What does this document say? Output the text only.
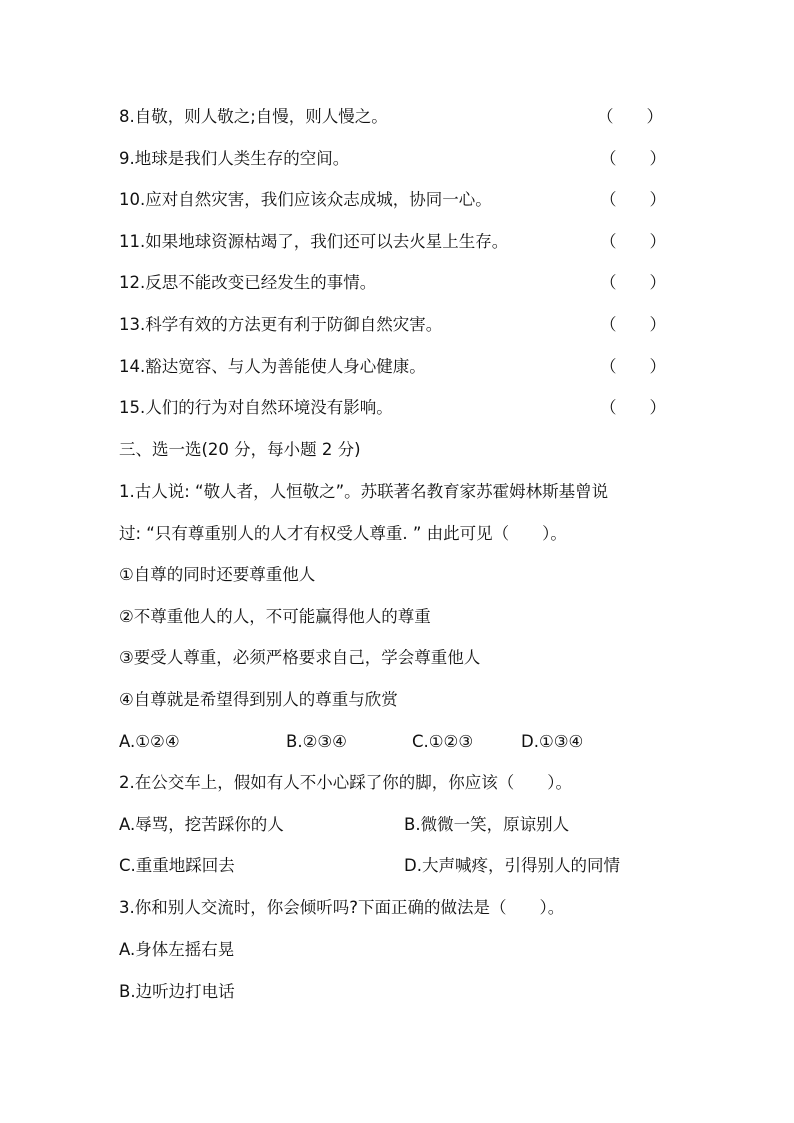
8.自敬，则人敬之;自慢，则人慢之。	（　　）
9.地球是我们人类生存的空间。	（　　）
10.应对自然灾害，我们应该众志成城，协同一心。	（　　）
11.如果地球资源枯竭了，我们还可以去火星上生存。	（　　）
12.反思不能改变已经发生的事情。	（　　）
13.科学有效的方法更有利于防御自然灾害。	（　　）
14.豁达宽容、与人为善能使人身心健康。	（　　）
15.人们的行为对自然环境没有影响。	（　　）
三、选一选(20 分，每小题 2 分)
1.古人说: “敬人者，人恒敬之”。苏联著名教育家苏霍姆林斯基曾说
过: “只有尊重别人的人才有权受人尊重. ” 由此可见（　　）。
①自尊的同时还要尊重他人
②不尊重他人的人，不可能赢得他人的尊重
③要受人尊重，必须严格要求自己，学会尊重他人
④自尊就是希望得到别人的尊重与欣赏
A.①②④	B.②③④	C.①②③	D.①③④
2.在公交车上，假如有人不小心踩了你的脚，你应该（　　）。
A.辱骂，挖苦踩你的人	B.微微一笑，原谅别人
C.重重地踩回去	D.大声喊疼，引得别人的同情
3.你和别人交流时，你会倾听吗?下面正确的做法是（　　）。
A.身体左摇右晃
B.边听边打电话
